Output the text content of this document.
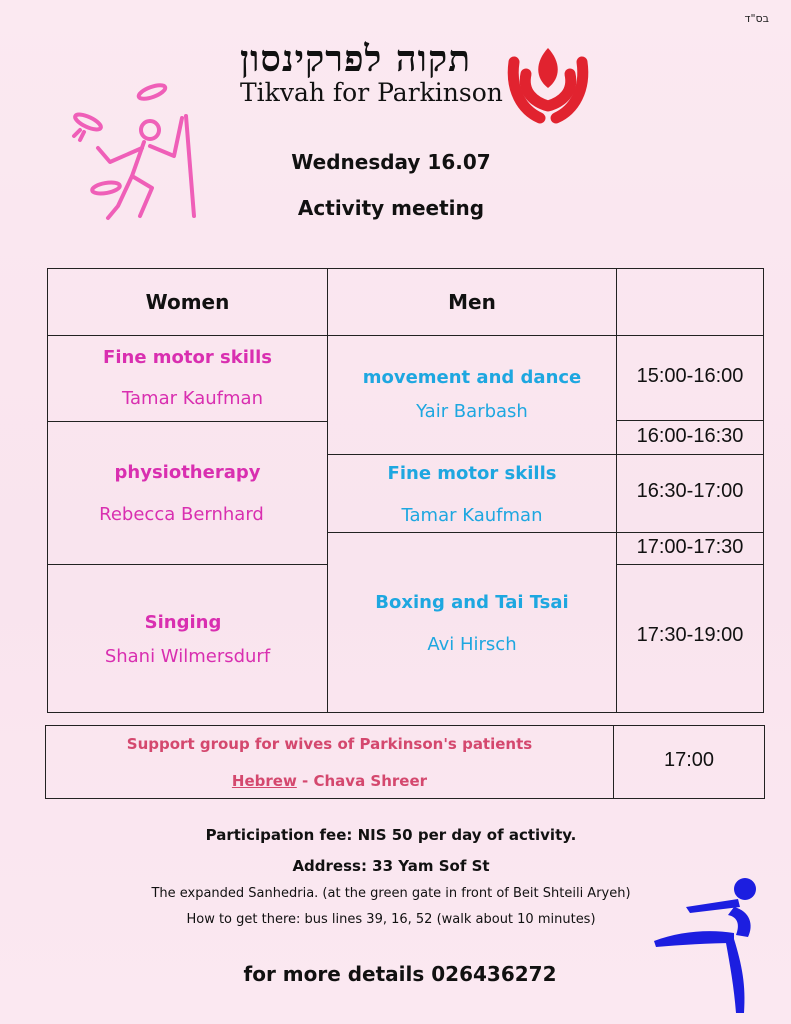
בס"ד
תקוה לפרקינסון
Tikvah for Parkinson
Wednesday 16.07
Activity meeting
Women	Men
Fine motor skills
Tamar Kaufman
physiotherapy
Rebecca Bernhard
Singing
Shani Wilmersdurf
movement and dance
Yair Barbash
Fine motor skills
Tamar Kaufman
Boxing and Tai Tsai
Avi Hirsch
15:00-16:00
16:00-16:30
16:30-17:00
17:00-17:30
17:30-19:00
Support group for wives of Parkinson's patients
Hebrew - Chava Shreer
17:00
Participation fee: NIS 50 per day of activity.
Address: 33 Yam Sof St
The expanded Sanhedria. (at the green gate in front of Beit Shteili Aryeh)
How to get there: bus lines 39, 16, 52 (walk about 10 minutes)
for more details 026436272
